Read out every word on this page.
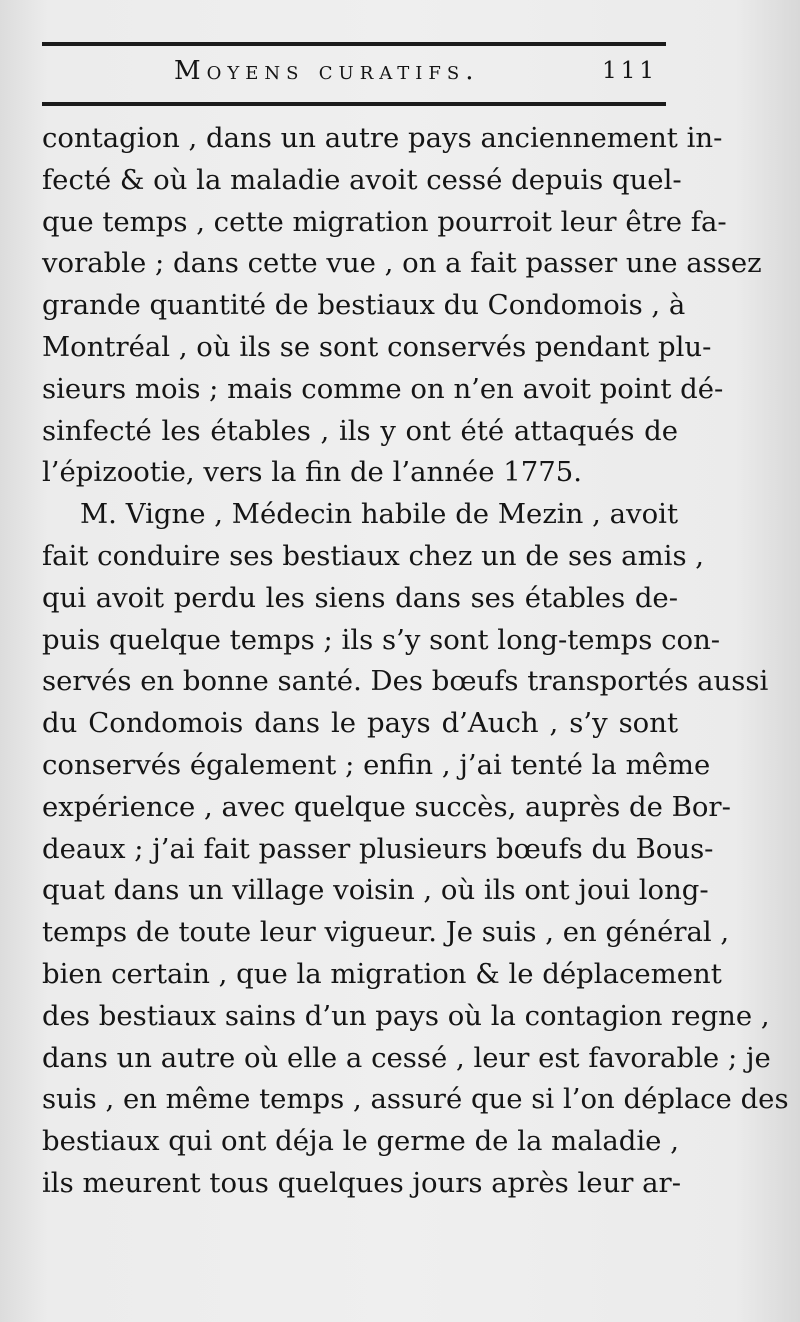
Moyens curatifs.	111
contagion , dans un autre pays anciennement in-
fecté & où la maladie avoit cessé depuis quel-
que temps , cette migration pourroit leur être fa-
vorable ; dans cette vue , on a fait passer une assez
grande quantité de bestiaux du Condomois , à
Montréal , où ils se sont conservés pendant plu-
sieurs mois ; mais comme on n’en avoit point dé-
sinfecté les étables , ils y ont été attaqués de
l’épizootie, vers la fin de l’année 1775.
M. Vigne , Médecin habile de Mezin , avoit
fait conduire ses bestiaux chez un de ses amis ,
qui avoit perdu les siens dans ses étables de-
puis quelque temps ; ils s’y sont long-temps con-
servés en bonne santé. Des bœufs transportés aussi
du Condomois dans le pays d’Auch , s’y sont
conservés également ; enfin , j’ai tenté la même
expérience , avec quelque succès, auprès de Bor-
deaux ; j’ai fait passer plusieurs bœufs du Bous-
quat dans un village voisin , où ils ont joui long-
temps de toute leur vigueur. Je suis , en général ,
bien certain , que la migration & le déplacement
des bestiaux sains d’un pays où la contagion regne ,
dans un autre où elle a cessé , leur est favorable ; je
suis , en même temps , assuré que si l’on déplace des
bestiaux qui ont déja le germe de la maladie ,
ils meurent tous quelques jours après leur ar-
